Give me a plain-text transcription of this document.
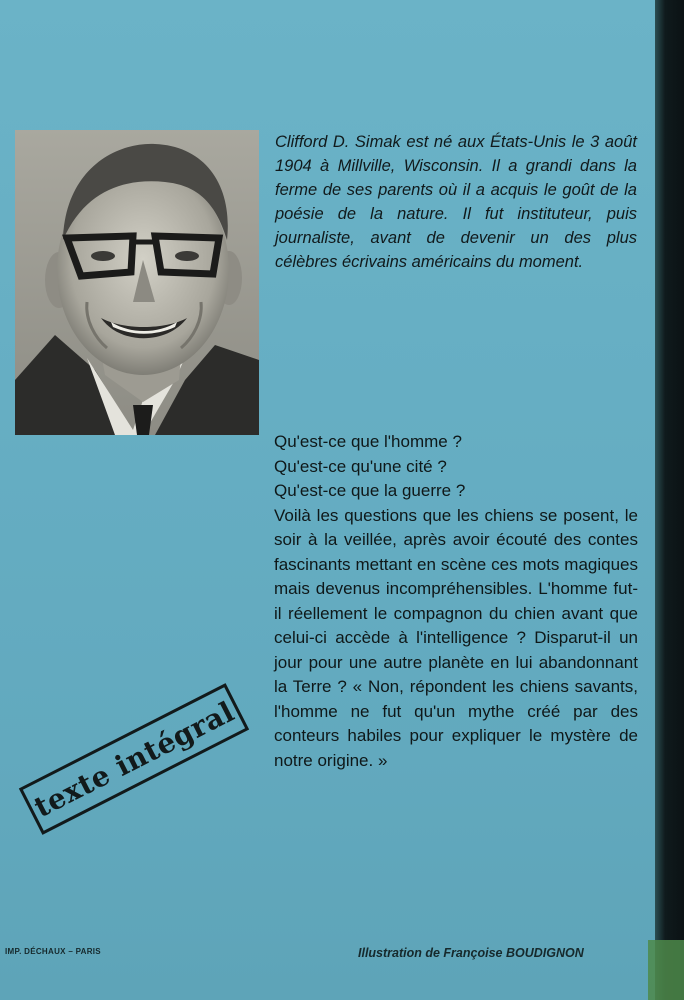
Clifford D. Simak est né aux États-Unis le 3 août 1904 à Millville, Wisconsin. Il a grandi dans la ferme de ses parents où il a acquis le goût de la poésie de la nature. Il fut instituteur, puis journaliste, avant de devenir un des plus célèbres écrivains américains du moment.

Qu'est-ce que l'homme ?
Qu'est-ce qu'une cité ?
Qu'est-ce que la guerre ?

Voilà les questions que les chiens se posent, le soir à la veillée, après avoir écouté des contes fascinants mettant en scène ces mots magiques mais devenus incompréhensibles. L'homme fut-il réellement le compagnon du chien avant que celui-ci accède à l'intelligence ? Disparut-il un jour pour une autre planète en lui abandonnant la Terre ? « Non, répondent les chiens savants, l'homme ne fut qu'un mythe créé par des conteurs habiles pour expliquer le mystère de notre origine. »

texte intégral
IMP. DÉCHAUX – PARIS	Illustration de Françoise BOUDIGNON
